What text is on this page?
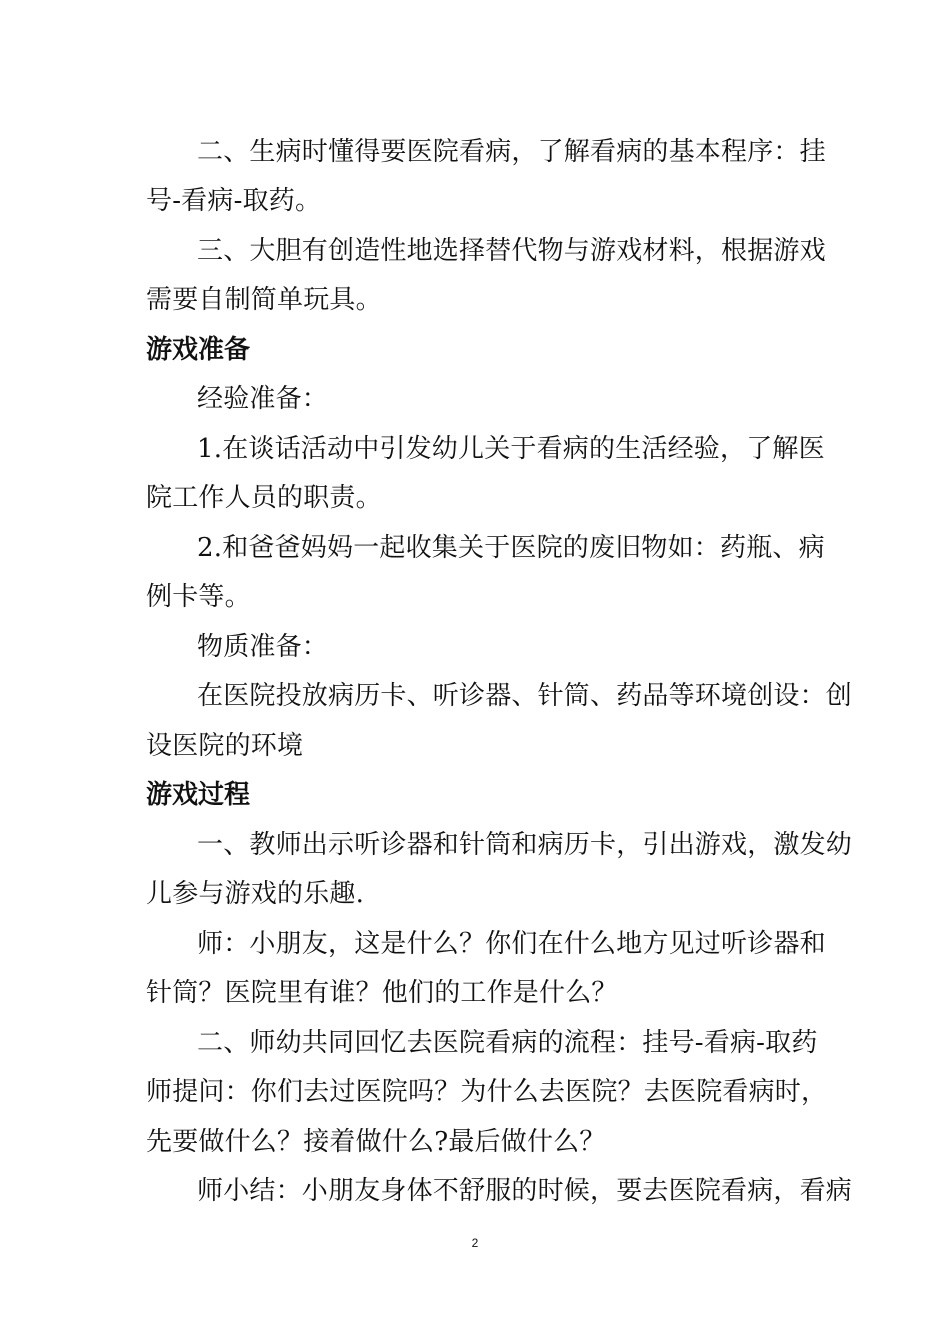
二、生病时懂得要医院看病，了解看病的基本程序：挂
号-看病-取药。
三、大胆有创造性地选择替代物与游戏材料，根据游戏
需要自制简单玩具。
游戏准备
经验准备：
1.在谈话活动中引发幼儿关于看病的生活经验，了解医
院工作人员的职责。
2.和爸爸妈妈一起收集关于医院的废旧物如：药瓶、病
例卡等。
物质准备：
在医院投放病历卡、听诊器、针筒、药品等环境创设：创
设医院的环境
游戏过程
一、教师出示听诊器和针筒和病历卡，引出游戏，激发幼
儿参与游戏的乐趣.
师：小朋友，这是什么？你们在什么地方见过听诊器和
针筒？医院里有谁？他们的工作是什么？
二、师幼共同回忆去医院看病的流程：挂号-看病-取药
师提问：你们去过医院吗？为什么去医院？去医院看病时，
先要做什么？接着做什么?最后做什么？
师小结：小朋友身体不舒服的时候，要去医院看病，看病
2
